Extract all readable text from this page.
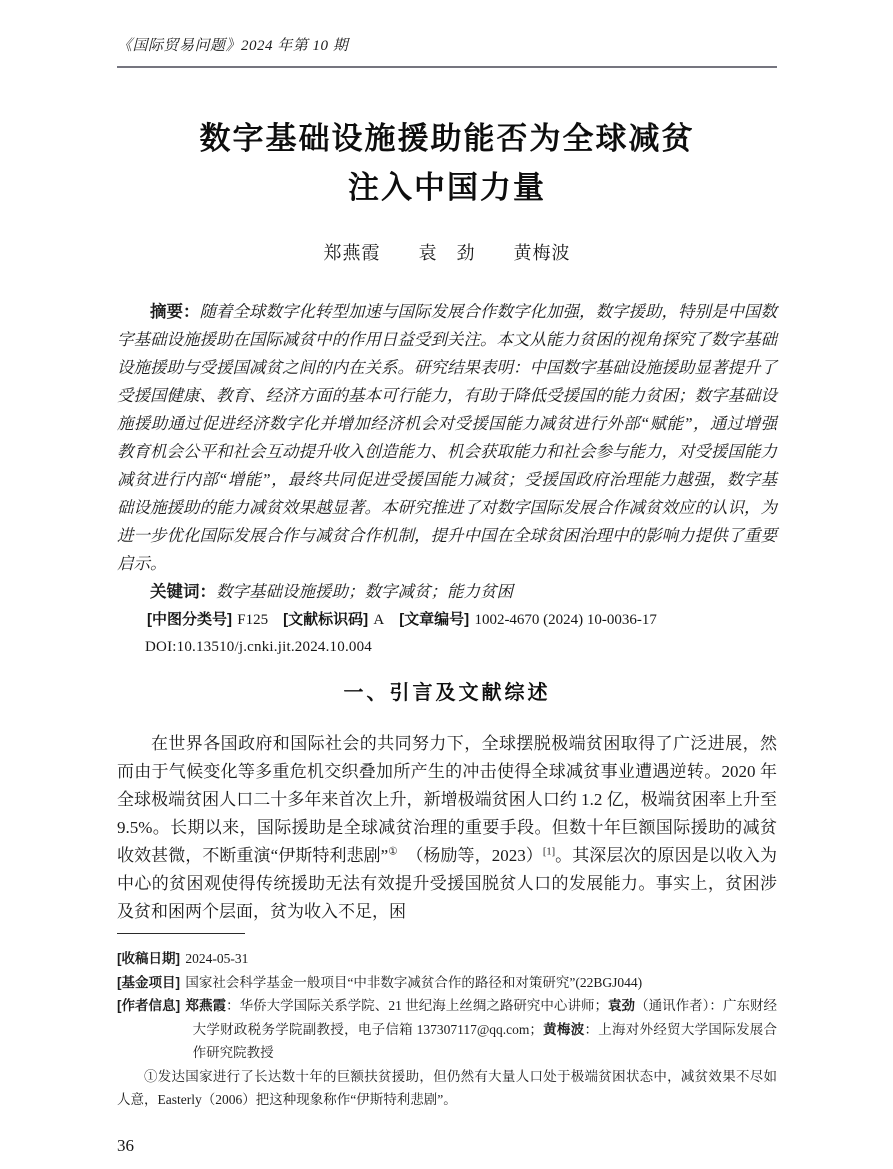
《国际贸易问题》2024 年第 10 期
数字基础设施援助能否为全球减贫
注入中国力量
郑燕霞　　袁　劲　　黄梅波

摘要：随着全球数字化转型加速与国际发展合作数字化加强，数字援助，特别是中国数字基础设施援助在国际减贫中的作用日益受到关注。本文从能力贫困的视角探究了数字基础设施援助与受援国减贫之间的内在关系。研究结果表明：中国数字基础设施援助显著提升了受援国健康、教育、经济方面的基本可行能力，有助于降低受援国的能力贫困；数字基础设施援助通过促进经济数字化并增加经济机会对受援国能力减贫进行外部“赋能”，通过增强教育机会公平和社会互动提升收入创造能力、机会获取能力和社会参与能力，对受援国能力减贫进行内部“增能”，最终共同促进受援国能力减贫；受援国政府治理能力越强，数字基础设施援助的能力减贫效果越显著。本研究推进了对数字国际发展合作减贫效应的认识，为进一步优化国际发展合作与减贫合作机制，提升中国在全球贫困治理中的影响力提供了重要启示。

关键词：数字基础设施援助；数字减贫；能力贫困

[中图分类号] F125 [文献标识码] A [文章编号] 1002-4670 (2024) 10-0036-17

DOI:10.13510/j.cnki.jit.2024.10.004

一、引言及文献综述

在世界各国政府和国际社会的共同努力下，全球摆脱极端贫困取得了广泛进展，然而由于气候变化等多重危机交织叠加所产生的冲击使得全球减贫事业遭遇逆转。2020 年全球极端贫困人口二十多年来首次上升，新增极端贫困人口约 1.2 亿，极端贫困率上升至 9.5%。长期以来，国际援助是全球减贫治理的重要手段。但数十年巨额国际援助的减贫收效甚微，不断重演“伊斯特利悲剧”①　（杨励等，2023）[1]。其深层次的原因是以收入为中心的贫困观使得传统援助无法有效提升受援国脱贫人口的发展能力。事实上，贫困涉及贫和困两个层面，贫为收入不足，困

[收稿日期] 2024-05-31

[基金项目] 国家社会科学基金一般项目“中非数字减贫合作的路径和对策研究”(22BGJ044)

[作者信息] 郑燕霞：华侨大学国际关系学院、21 世纪海上丝绸之路研究中心讲师；袁劲（通讯作者）：广东财经大学财政税务学院副教授，电子信箱 137307117@qq.com；黄梅波：上海对外经贸大学国际发展合作研究院教授

①发达国家进行了长达数十年的巨额扶贫援助，但仍然有大量人口处于极端贫困状态中，减贫效果不尽如人意，Easterly（2006）把这种现象称作“伊斯特利悲剧”。

36
